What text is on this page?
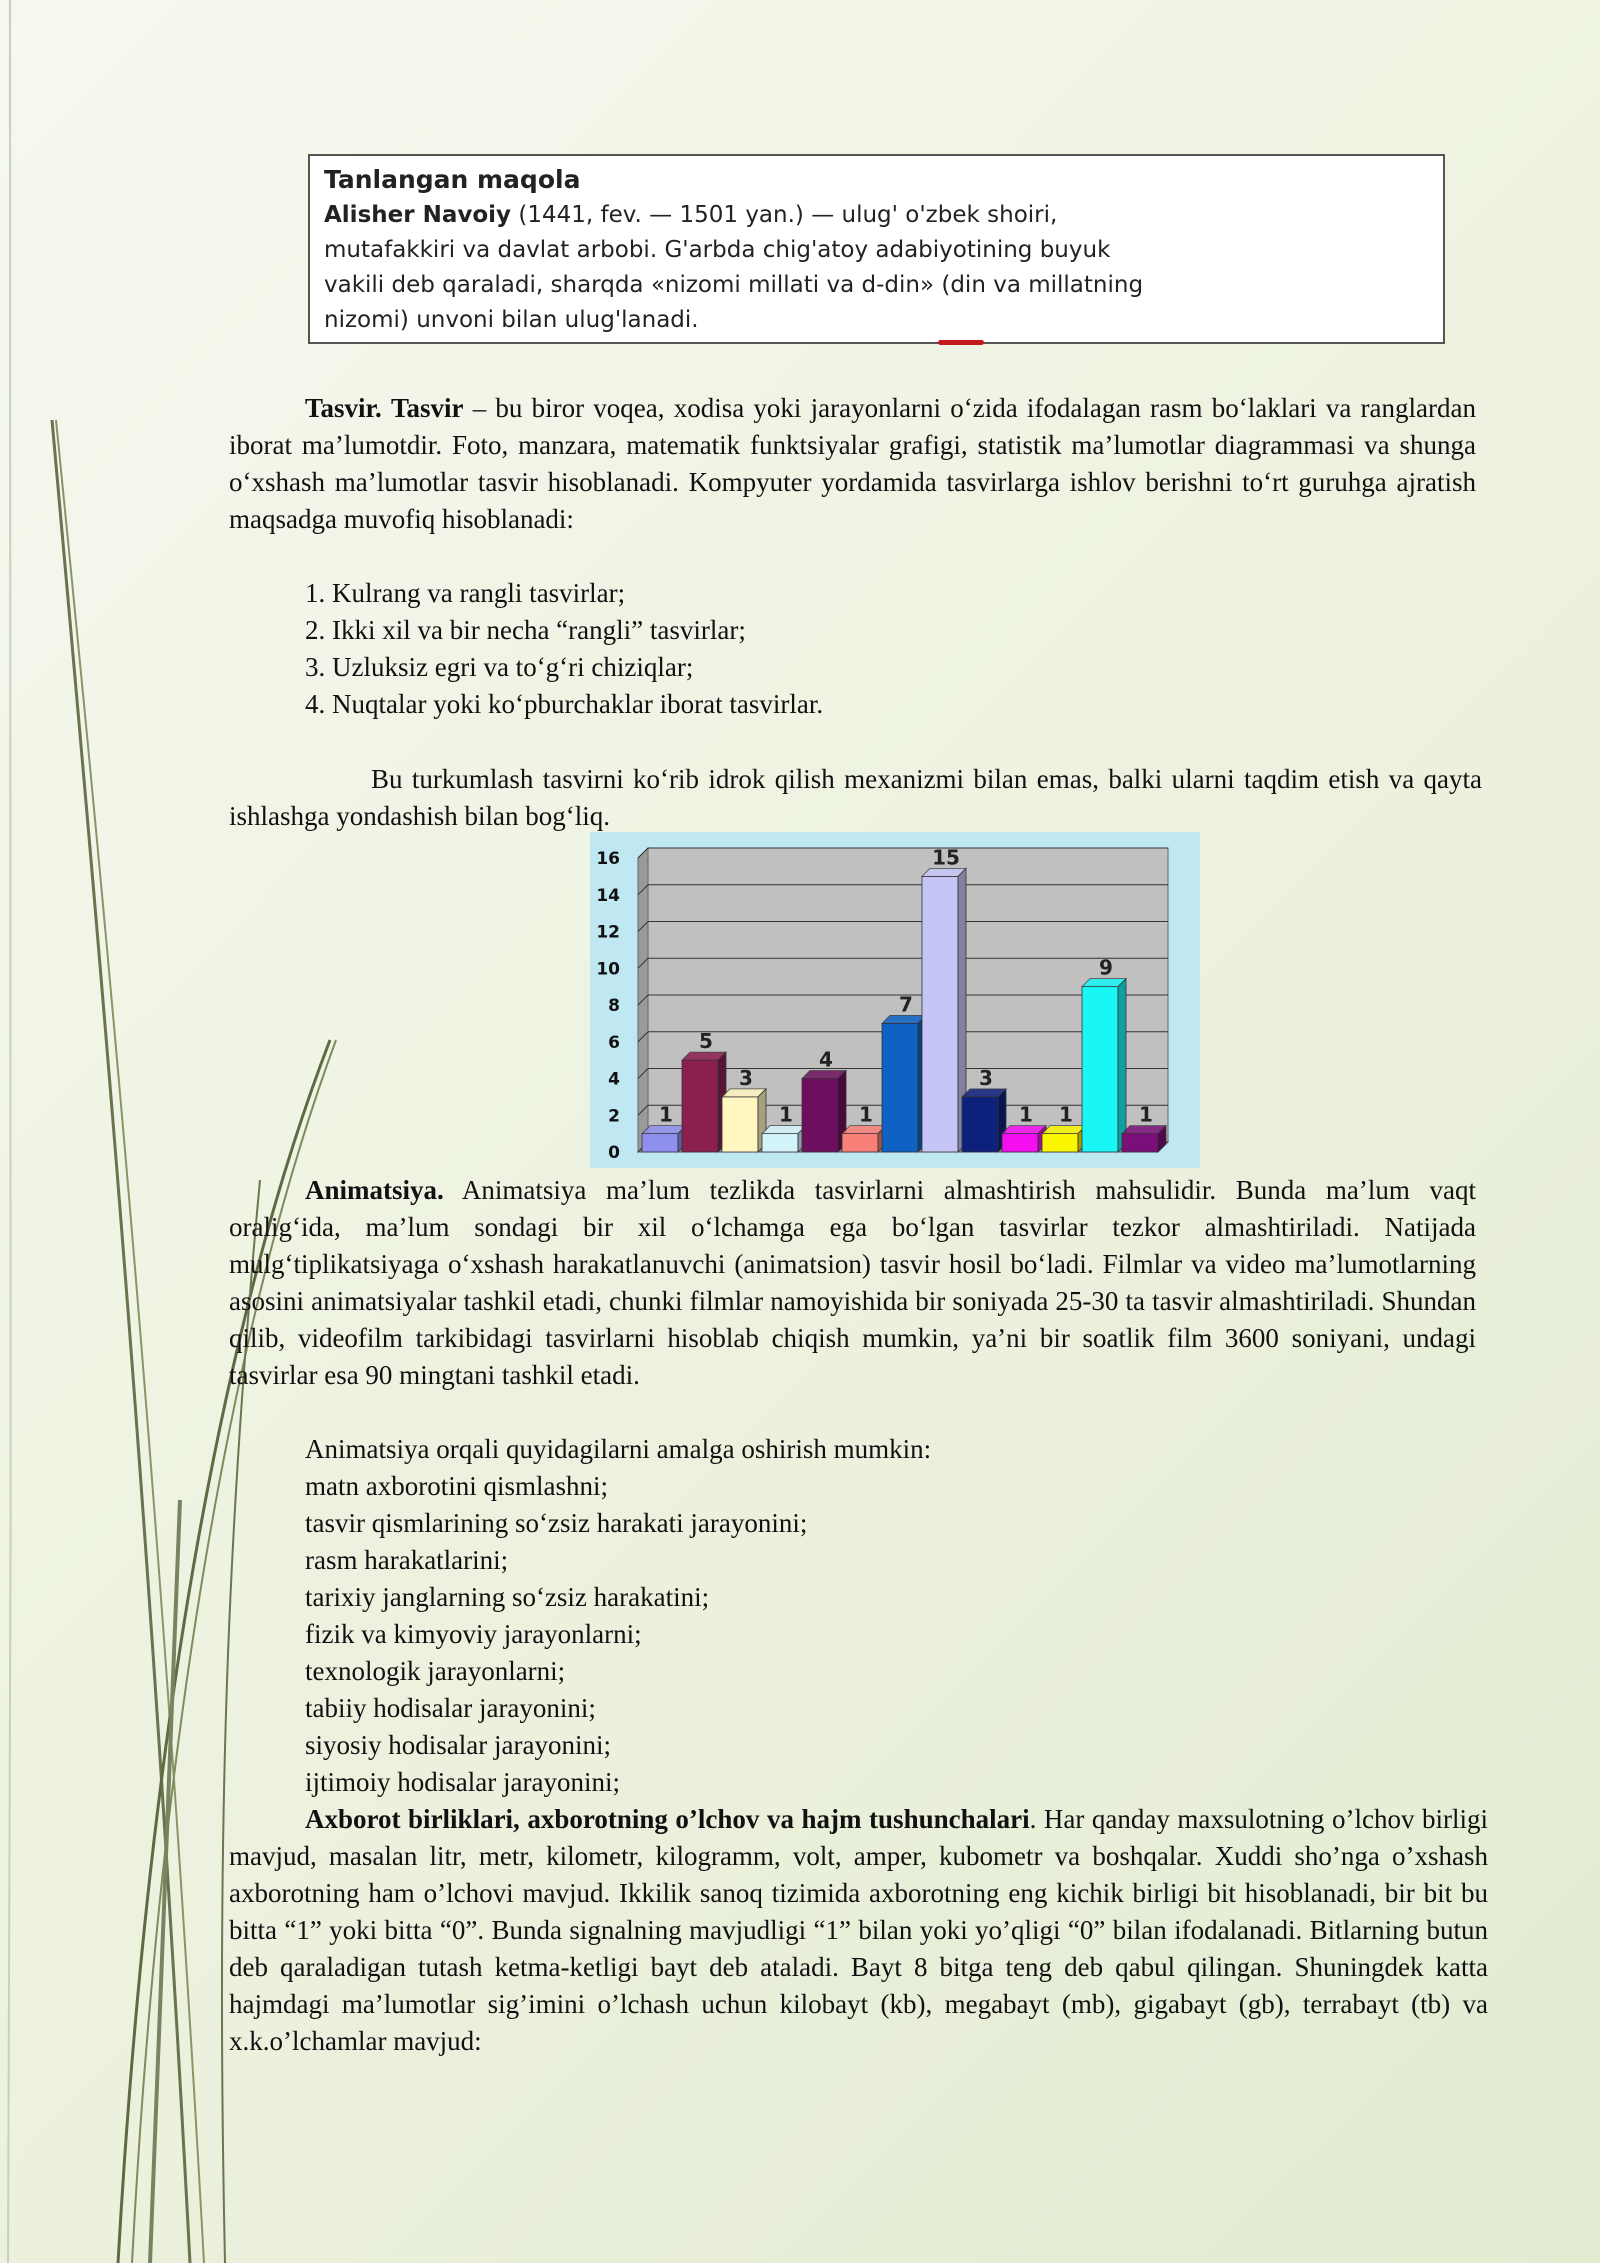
Tanlangan maqola
Alisher Navoiy (1441, fev. — 1501 yan.) — ulug' o'zbek shoiri,
mutafakkiri va davlat arbobi. G'arbda chig'atoy adabiyotining buyuk
vakili deb qaraladi, sharqda «nizomi millati va d-din» (din va millatning
nizomi) unvoni bilan ulug'lanadi.
Tasvir. Tasvir – bu biror voqea, xodisa yoki jarayonlarni o‘zida ifodalagan rasm bo‘laklari va ranglardan iborat ma’lumotdir. Foto, manzara, matematik funktsiyalar grafigi, statistik ma’lumotlar diagrammasi va shunga o‘xshash ma’lumotlar tasvir hisoblanadi. Kompyuter yordamida tasvirlarga ishlov berishni to‘rt guruhga ajratish maqsadga muvofiq hisoblanadi:
1. Kulrang va rangli tasvirlar;
2. Ikki xil va bir necha “rangli” tasvirlar;
3. Uzluksiz egri va to‘g‘ri chiziqlar;
4. Nuqtalar yoki ko‘pburchaklar iborat tasvirlar.
Bu turkumlash tasvirni ko‘rib idrok qilish mexanizmi bilan emas, balki ularni taqdim etish va qayta ishlashga yondashish bilan bog‘liq.
0
2
4
6
8
10
12
14
16
1
5
3
1
4
1
7
15
3
1 1
9
1
Animatsiya. Animatsiya ma’lum tezlikda tasvirlarni almashtirish mahsulidir. Bunda ma’lum vaqt oralig‘ida, ma’lum sondagi bir xil o‘lchamga ega bo‘lgan tasvirlar tezkor almashtiriladi. Natijada mulg‘tiplikatsiyaga o‘xshash harakatlanuvchi (animatsion) tasvir hosil bo‘ladi. Filmlar va video ma’lumotlarning asosini animatsiyalar tashkil etadi, chunki filmlar namoyishida bir soniyada 25-30 ta tasvir almashtiriladi. Shundan qilib, videofilm tarkibidagi tasvirlarni hisoblab chiqish mumkin, ya’ni bir soatlik film 3600 soniyani, undagi tasvirlar esa 90 mingtani tashkil etadi.
Animatsiya orqali quyidagilarni amalga oshirish mumkin:
matn axborotini qismlashni;
tasvir qismlarining so‘zsiz harakati jarayonini;
rasm harakatlarini;
tarixiy janglarning so‘zsiz harakatini;
fizik va kimyoviy jarayonlarni;
texnologik jarayonlarni;
tabiiy hodisalar jarayonini;
siyosiy hodisalar jarayonini;
ijtimoiy hodisalar jarayonini;
Axborot birliklari, axborotning o’lchov va hajm tushunchalari. Har qanday maxsulotning o’lchov birligi mavjud, masalan litr, metr, kilometr, kilogramm, volt, amper, kubometr va boshqalar. Xuddi sho’nga o’xshash axborotning ham o’lchovi mavjud. Ikkilik sanoq tizimida axborotning eng kichik birligi bit hisoblanadi, bir bit bu bitta “1” yoki bitta “0”. Bunda signalning mavjudligi “1” bilan yoki yo’qligi “0” bilan ifodalanadi. Bitlarning butun deb qaraladigan tutash ketma-ketligi bayt deb ataladi. Bayt 8 bitga teng deb qabul qilingan. Shuningdek katta hajmdagi ma’lumotlar sig’imini o’lchash uchun kilobayt (kb), megabayt (mb), gigabayt (gb), terrabayt (tb) va x.k.o’lchamlar mavjud:
